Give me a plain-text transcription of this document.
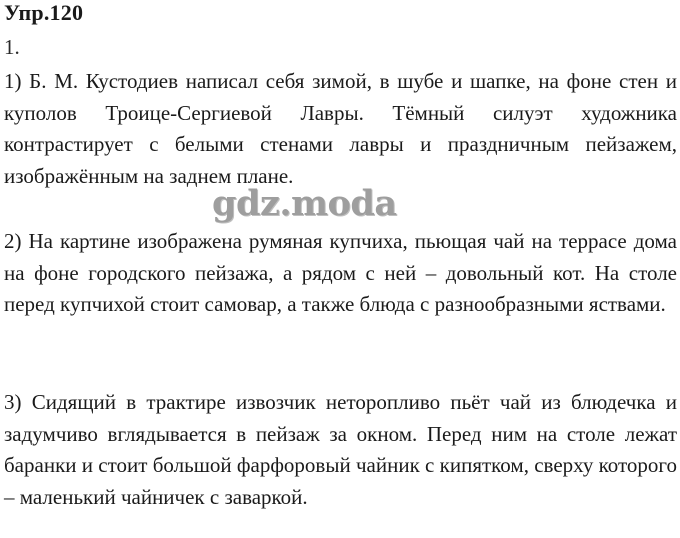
Упр.120
1.

1) Б. М. Кустодиев написал себя зимой, в шубе и шапке, на фоне стен и куполов Троице-Сергиевой Лавры. Тёмный силуэт художника контрастирует с белыми стенами лавры и праздничным пейзажем, изображённым на заднем плане.

gdz.moda

2) На картине изображена румяная купчиха, пьющая чай на террасе дома на фоне городского пейзажа, а рядом с ней – довольный кот. На столе перед купчихой стоит самовар, а также блюда с разнообразными яствами.

3) Сидящий в трактире извозчик неторопливо пьёт чай из блюдечка и задумчиво вглядывается в пейзаж за окном. Перед ним на столе лежат баранки и стоит большой фарфоровый чайник с кипятком, сверху которого – маленький чайничек с заваркой.
